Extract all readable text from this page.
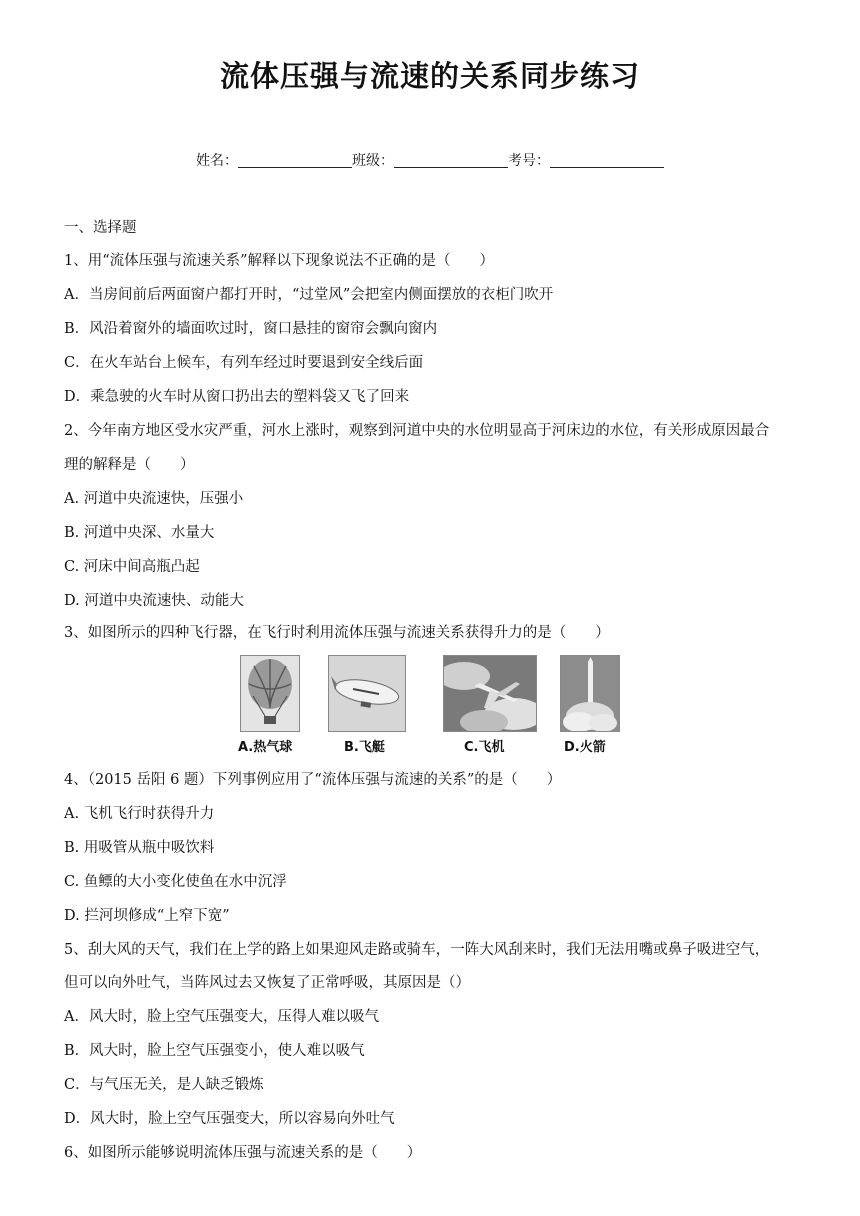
流体压强与流速的关系同步练习
姓名：	班级：	考号：
一、选择题
1、用“流体压强与流速关系”解释以下现象说法不正确的是（　　）
A．当房间前后两面窗户都打开时，“过堂风”会把室内侧面摆放的衣柜门吹开
B．风沿着窗外的墙面吹过时，窗口悬挂的窗帘会飘向窗内
C．在火车站台上候车，有列车经过时要退到安全线后面
D．乘急驶的火车时从窗口扔出去的塑料袋又飞了回来
2、今年南方地区受水灾严重，河水上涨时，观察到河道中央的水位明显高于河床边的水位，有关形成原因最合
理的解释是（　　）
A. 河道中央流速快，压强小
B. 河道中央深、水量大
C. 河床中间高瓶凸起
D. 河道中央流速快、动能大
3、如图所示的四种飞行器，在飞行时利用流体压强与流速关系获得升力的是（　　）
A.热气球	B.飞艇	C.飞机	D.火箭
4、（2015 岳阳 6 题）下列事例应用了“流体压强与流速的关系”的是（　　）
A. 飞机飞行时获得升力
B. 用吸管从瓶中吸饮料
C. 鱼鳔的大小变化使鱼在水中沉浮
D. 拦河坝修成“上窄下宽”
5、刮大风的天气，我们在上学的路上如果迎风走路或骑车，一阵大风刮来时，我们无法用嘴或鼻子吸进空气，
但可以向外吐气，当阵风过去又恢复了正常呼吸，其原因是（）
A．风大时，脸上空气压强变大，压得人难以吸气
B．风大时，脸上空气压强变小，使人难以吸气
C．与气压无关，是人缺乏锻炼
D．风大时，脸上空气压强变大，所以容易向外吐气
6、如图所示能够说明流体压强与流速关系的是（　　）
